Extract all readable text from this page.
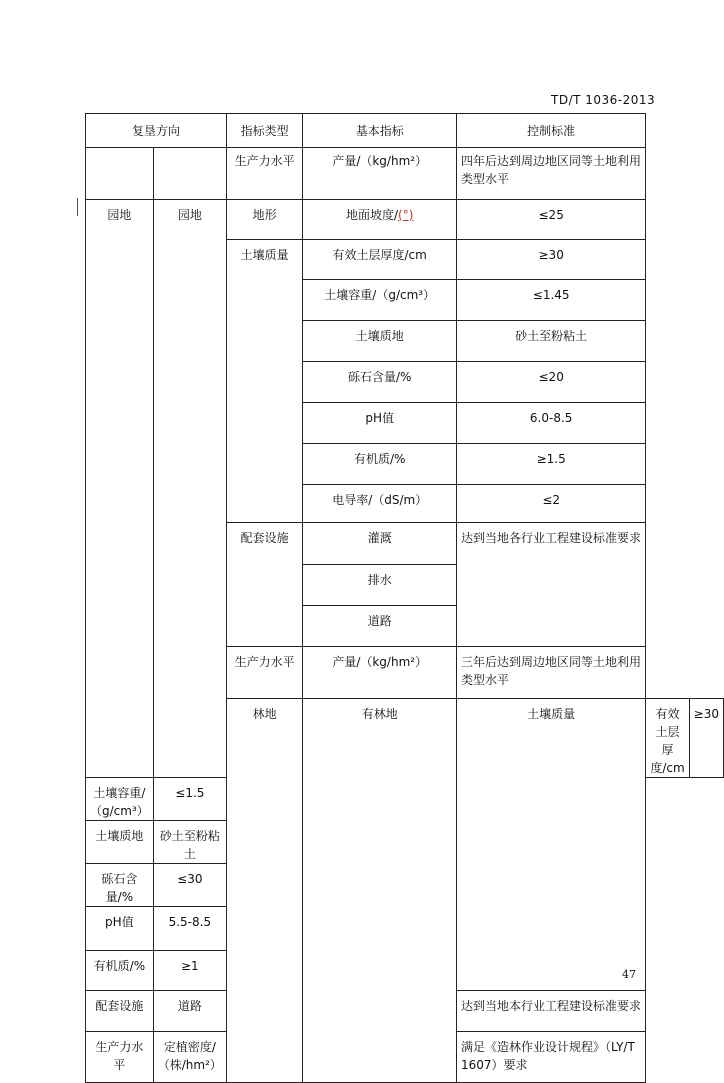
TD/T 1036-2013
复垦方向		指标类型	基本指标	控制标准		
		生产力水平	产量/（kg/hm²）	四年后达到周边地区同等土地利用类型水平		
园地	园地	地形	地面坡度/(°)	≤25		
		土壤质量	有效土层厚度/cm	≥30		
			土壤容重/（g/cm³）	≤1.45		
			土壤质地	砂土至粉粘土		
			砾石含量/%	≤20		
			pH值	6.0-8.5		
			有机质/%	≥1.5		
			电导率/（dS/m）	≤2		
		配套设施	灌溉	达到当地各行业工程建设标准要求		
			排水			
			道路			
		生产力水平	产量/（kg/hm²）	三年后达到周边地区同等土地利用类型水平		
		林地	有林地	土壤质量	有效土层厚度/cm	≥30
土壤容重/（g/cm³）	≤1.5					
土壤质地	砂土至粉粘土					
砾石含量/%	≤30					
pH值	5.5-8.5					
有机质/%	≥1					
配套设施	道路			达到当地本行业工程建设标准要求		
生产力水平	定植密度/（株/hm²）			满足《造林作业设计规程》（LY/T 1607）要求		
47
